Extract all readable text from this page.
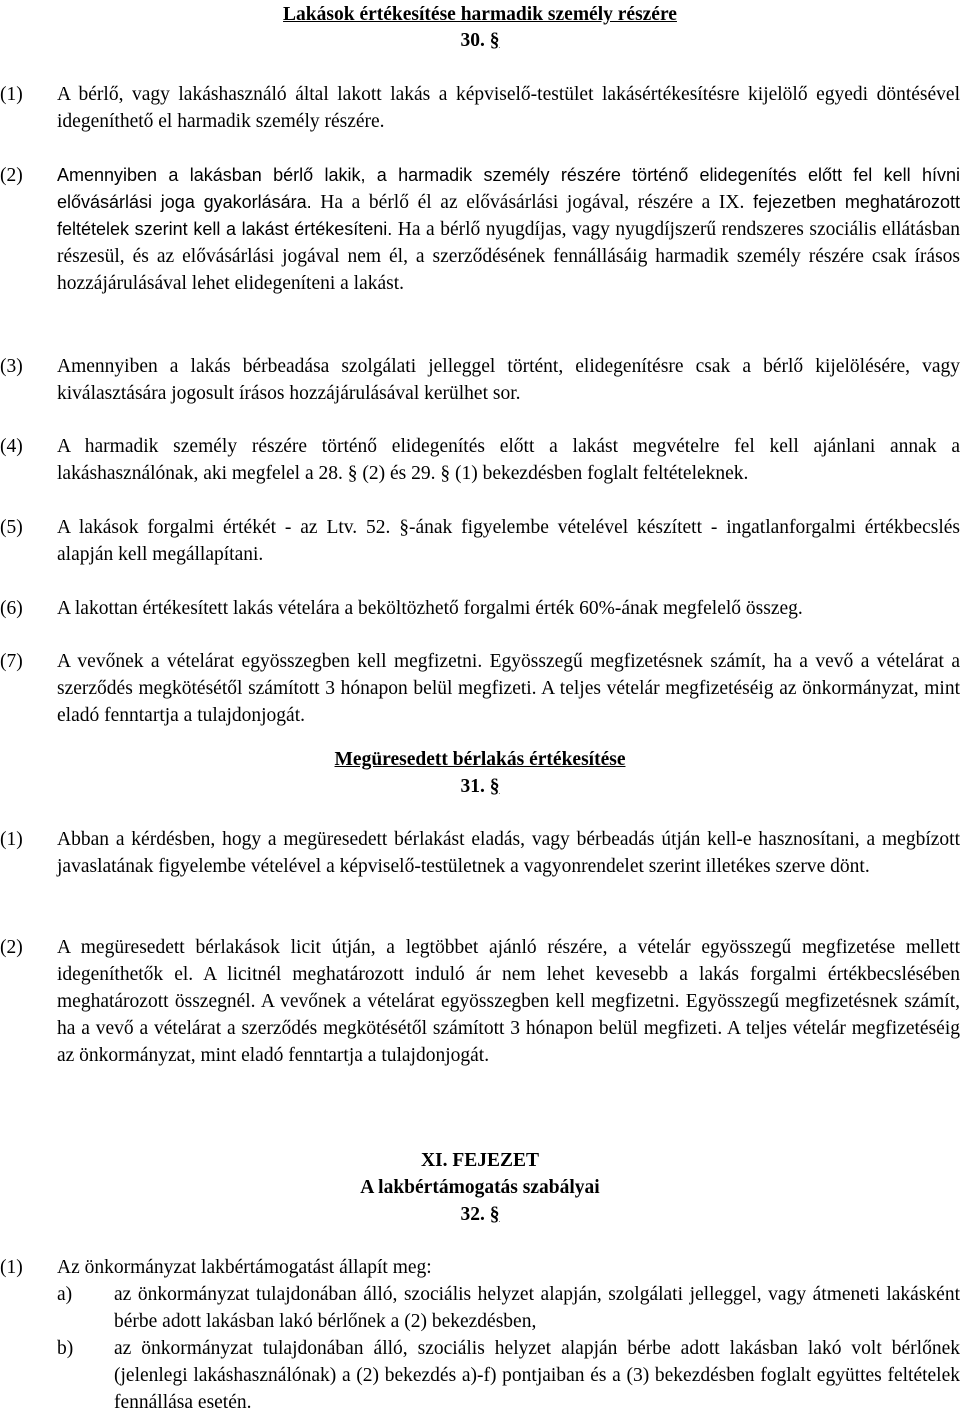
Lakások értékesítése harmadik személy részére
30. §
(1) A bérlő, vagy lakáshasználó által lakott lakás a képviselő-testület lakásértékesítésre kijelölő egyedi döntésével idegeníthető el harmadik személy részére.
(2) Amennyiben a lakásban bérlő lakik, a harmadik személy részére történő elidegenítés előtt fel kell hívni elővásárlási joga gyakorlására. Ha a bérlő él az elővásárlási jogával, részére a IX. fejezetben meghatározott feltételek szerint kell a lakást értékesíteni. Ha a bérlő nyugdíjas, vagy nyugdíjszerű rendszeres szociális ellátásban részesül, és az elővásárlási jogával nem él, a szerződésének fennállásáig harmadik személy részére csak írásos hozzájárulásával lehet elidegeníteni a lakást.
(3) Amennyiben a lakás bérbeadása szolgálati jelleggel történt, elidegenítésre csak a bérlő kijelölésére, vagy kiválasztására jogosult írásos hozzájárulásával kerülhet sor.
(4) A harmadik személy részére történő elidegenítés előtt a lakást megvételre fel kell ajánlani annak a lakáshasználónak, aki megfelel a 28. § (2) és 29. § (1) bekezdésben foglalt feltételeknek.
(5) A lakások forgalmi értékét - az Ltv. 52. §-ának figyelembe vételével készített - ingatlanforgalmi értékbecslés alapján kell megállapítani.
(6) A lakottan értékesített lakás vételára a beköltözhető forgalmi érték 60%-ának megfelelő összeg.
(7) A vevőnek a vételárat egyösszegben kell megfizetni. Egyösszegű megfizetésnek számít, ha a vevő a vételárat a szerződés megkötésétől számított 3 hónapon belül megfizeti. A teljes vételár megfizetéséig az önkormányzat, mint eladó fenntartja a tulajdonjogát.
Megüresedett bérlakás értékesítése
31. §
(1) Abban a kérdésben, hogy a megüresedett bérlakást eladás, vagy bérbeadás útján kell-e hasznosítani, a megbízott javaslatának figyelembe vételével a képviselő-testületnek a vagyonrendelet szerint illetékes szerve dönt.
(2) A megüresedett bérlakások licit útján, a legtöbbet ajánló részére, a vételár egyösszegű megfizetése mellett idegeníthetők el. A licitnél meghatározott induló ár nem lehet kevesebb a lakás forgalmi értékbecslésében meghatározott összegnél. A vevőnek a vételárat egyösszegben kell megfizetni. Egyösszegű megfizetésnek számít, ha a vevő a vételárat a szerződés megkötésétől számított 3 hónapon belül megfizeti. A teljes vételár megfizetéséig az önkormányzat, mint eladó fenntartja a tulajdonjogát.
XI. FEJEZET
A lakbértámogatás szabályai
32. §
(1) Az önkormányzat lakbértámogatást állapít meg:
a) az önkormányzat tulajdonában álló, szociális helyzet alapján, szolgálati jelleggel, vagy átmeneti lakásként bérbe adott lakásban lakó bérlőnek a (2) bekezdésben,
b) az önkormányzat tulajdonában álló, szociális helyzet alapján bérbe adott lakásban lakó volt bérlőnek (jelenlegi lakáshasználónak) a (2) bekezdés a)-f) pontjaiban és a (3) bekezdésben foglalt együttes feltételek fennállása esetén.
